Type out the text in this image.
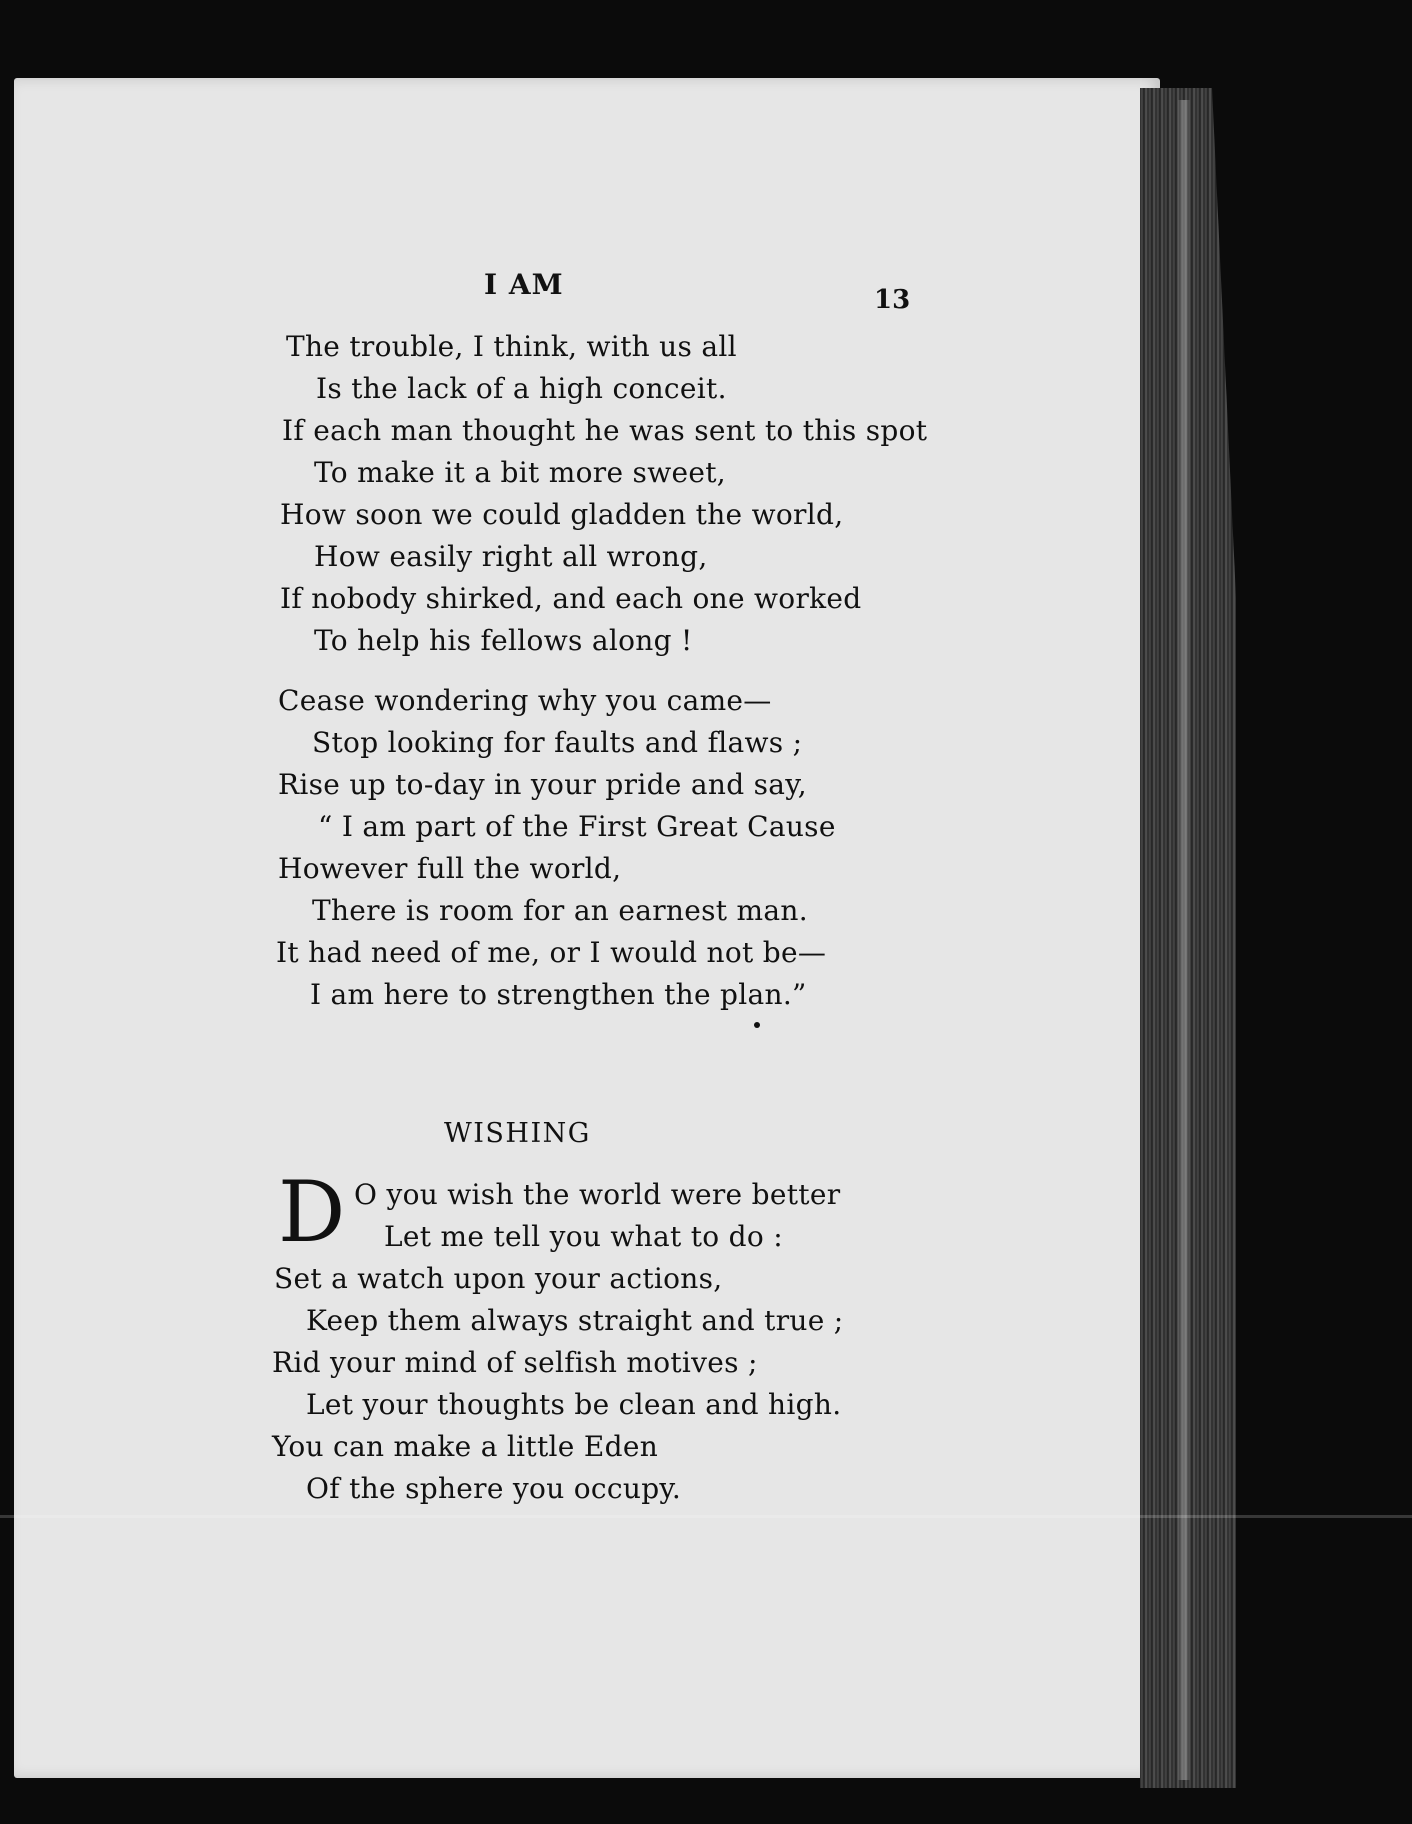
I AM	13
The trouble, I think, with us all
Is the lack of a high conceit.
If each man thought he was sent to this spot
To make it a bit more sweet,
How soon we could gladden the world,
How easily right all wrong,
If nobody shirked, and each one worked
To help his fellows along !
Cease wondering why you came—
Stop looking for faults and flaws ;
Rise up to-day in your pride and say,
“ I am part of the First Great Cause
However full the world,
There is room for an earnest man.
It had need of me, or I would not be—
I am here to strengthen the plan.”
WISHING
D O you wish the world were better
Let me tell you what to do :
Set a watch upon your actions,
Keep them always straight and true ;
Rid your mind of selfish motives ;
Let your thoughts be clean and high.
You can make a little Eden
Of the sphere you occupy.
